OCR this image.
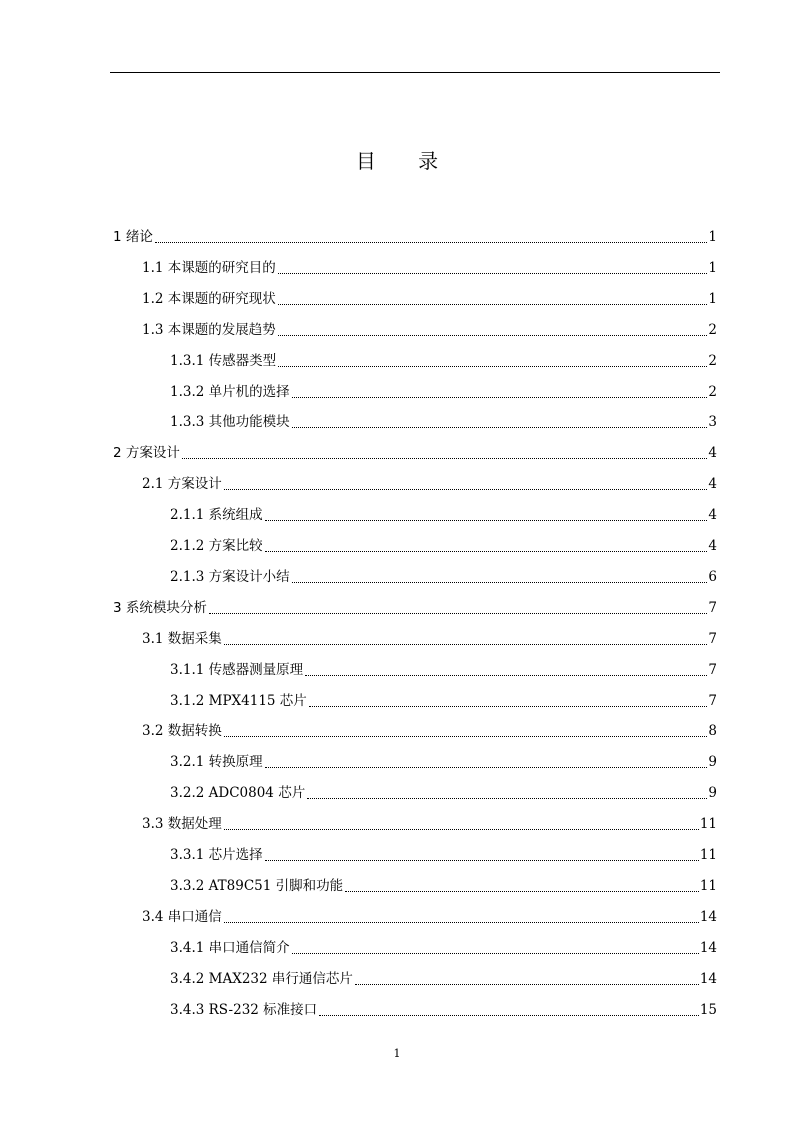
目 录
1 绪论	1
1.1 本课题的研究目的	1
1.2 本课题的研究现状	1
1.3 本课题的发展趋势	2
1.3.1 传感器类型	2
1.3.2 单片机的选择	2
1.3.3 其他功能模块	3
2 方案设计	4
2.1 方案设计	4
2.1.1 系统组成	4
2.1.2 方案比较	4
2.1.3 方案设计小结	6
3 系统模块分析	7
3.1 数据采集	7
3.1.1 传感器测量原理	7
3.1.2 MPX4115 芯片	7
3.2 数据转换	8
3.2.1 转换原理	9
3.2.2 ADC0804 芯片	9
3.3 数据处理	11
3.3.1 芯片选择	11
3.3.2 AT89C51 引脚和功能	11
3.4 串口通信	14
3.4.1 串口通信简介	14
3.4.2 MAX232 串行通信芯片	14
3.4.3 RS-232 标准接口	15
1
